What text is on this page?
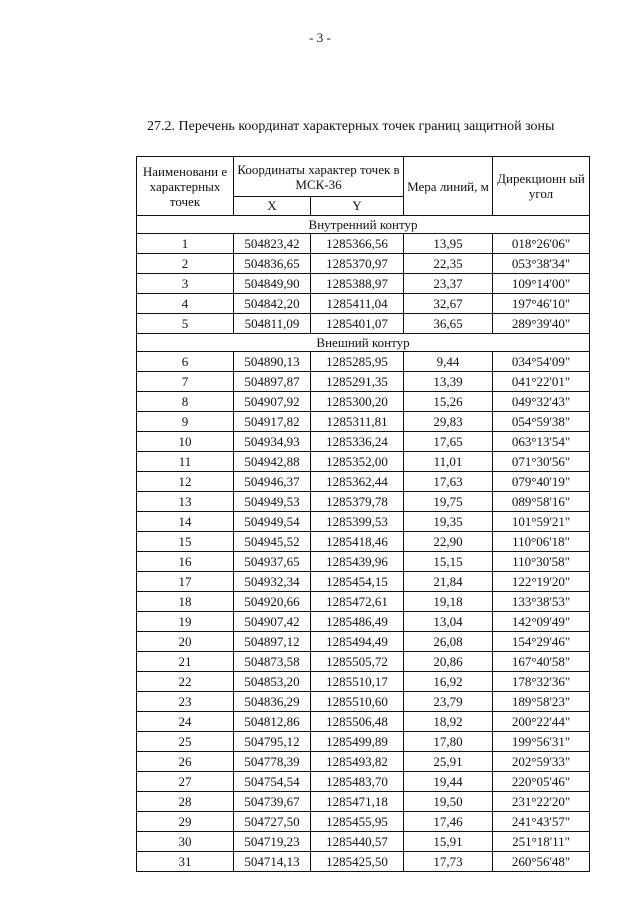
- 3 -
27.2. Перечень координат характерных точек границ защитной зоны
Наименовани е характерных точек	Координаты характер точек в МСК-36		Мера линий, м	Дирекционн ый угол
	X	Y		
Внутренний контур				
1	504823,42	1285366,56	13,95	018°26'06"
2	504836,65	1285370,97	22,35	053°38'34"
3	504849,90	1285388,97	23,37	109°14'00"
4	504842,20	1285411,04	32,67	197°46'10"
5	504811,09	1285401,07	36,65	289°39'40"
Внешний контур				
6	504890,13	1285285,95	9,44	034°54'09"
7	504897,87	1285291,35	13,39	041°22'01"
8	504907,92	1285300,20	15,26	049°32'43"
9	504917,82	1285311,81	29,83	054°59'38"
10	504934,93	1285336,24	17,65	063°13'54"
11	504942,88	1285352,00	11,01	071°30'56"
12	504946,37	1285362,44	17,63	079°40'19"
13	504949,53	1285379,78	19,75	089°58'16"
14	504949,54	1285399,53	19,35	101°59'21"
15	504945,52	1285418,46	22,90	110°06'18"
16	504937,65	1285439,96	15,15	110°30'58"
17	504932,34	1285454,15	21,84	122°19'20"
18	504920,66	1285472,61	19,18	133°38'53"
19	504907,42	1285486,49	13,04	142°09'49"
20	504897,12	1285494,49	26,08	154°29'46"
21	504873,58	1285505,72	20,86	167°40'58"
22	504853,20	1285510,17	16,92	178°32'36"
23	504836,29	1285510,60	23,79	189°58'23"
24	504812,86	1285506,48	18,92	200°22'44"
25	504795,12	1285499,89	17,80	199°56'31"
26	504778,39	1285493,82	25,91	202°59'33"
27	504754,54	1285483,70	19,44	220°05'46"
28	504739,67	1285471,18	19,50	231°22'20"
29	504727,50	1285455,95	17,46	241°43'57"
30	504719,23	1285440,57	15,91	251°18'11"
31	504714,13	1285425,50	17,73	260°56'48"
